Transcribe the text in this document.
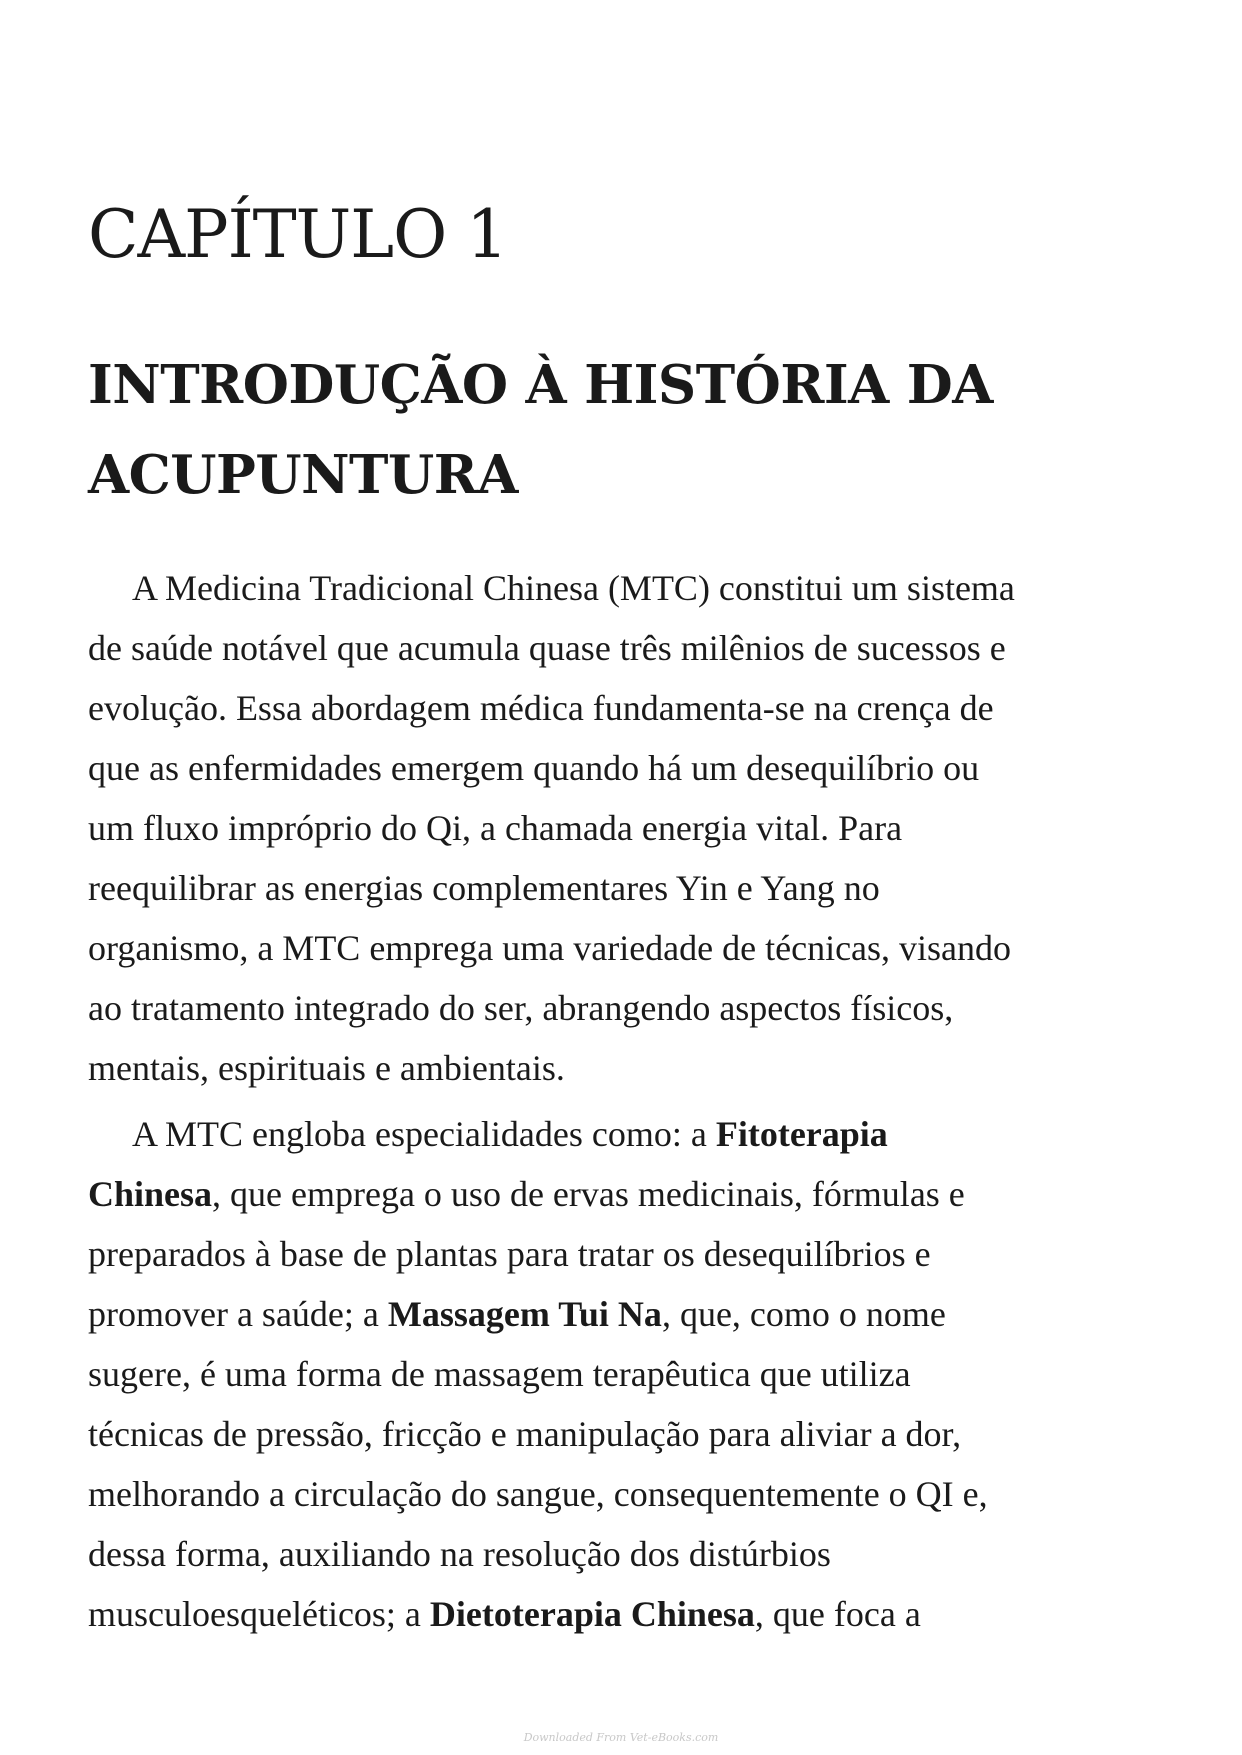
CAPÍTULO 1
INTRODUÇÃO À HISTÓRIA DA
ACUPUNTURA
A Medicina Tradicional Chinesa (MTC) constitui um sistema
de saúde notável que acumula quase três milênios de sucessos e
evolução. Essa abordagem médica fundamenta-se na crença de
que as enfermidades emergem quando há um desequilíbrio ou
um fluxo impróprio do Qi, a chamada energia vital. Para
reequilibrar as energias complementares Yin e Yang no
organismo, a MTC emprega uma variedade de técnicas, visando
ao tratamento integrado do ser, abrangendo aspectos físicos,
mentais, espirituais e ambientais.
A MTC engloba especialidades como: a Fitoterapia
Chinesa, que emprega o uso de ervas medicinais, fórmulas e
preparados à base de plantas para tratar os desequilíbrios e
promover a saúde; a Massagem Tui Na, que, como o nome
sugere, é uma forma de massagem terapêutica que utiliza
técnicas de pressão, fricção e manipulação para aliviar a dor,
melhorando a circulação do sangue, consequentemente o QI e,
dessa forma, auxiliando na resolução dos distúrbios
musculoesqueléticos; a Dietoterapia Chinesa, que foca a
Downloaded From Vet-eBooks.com
